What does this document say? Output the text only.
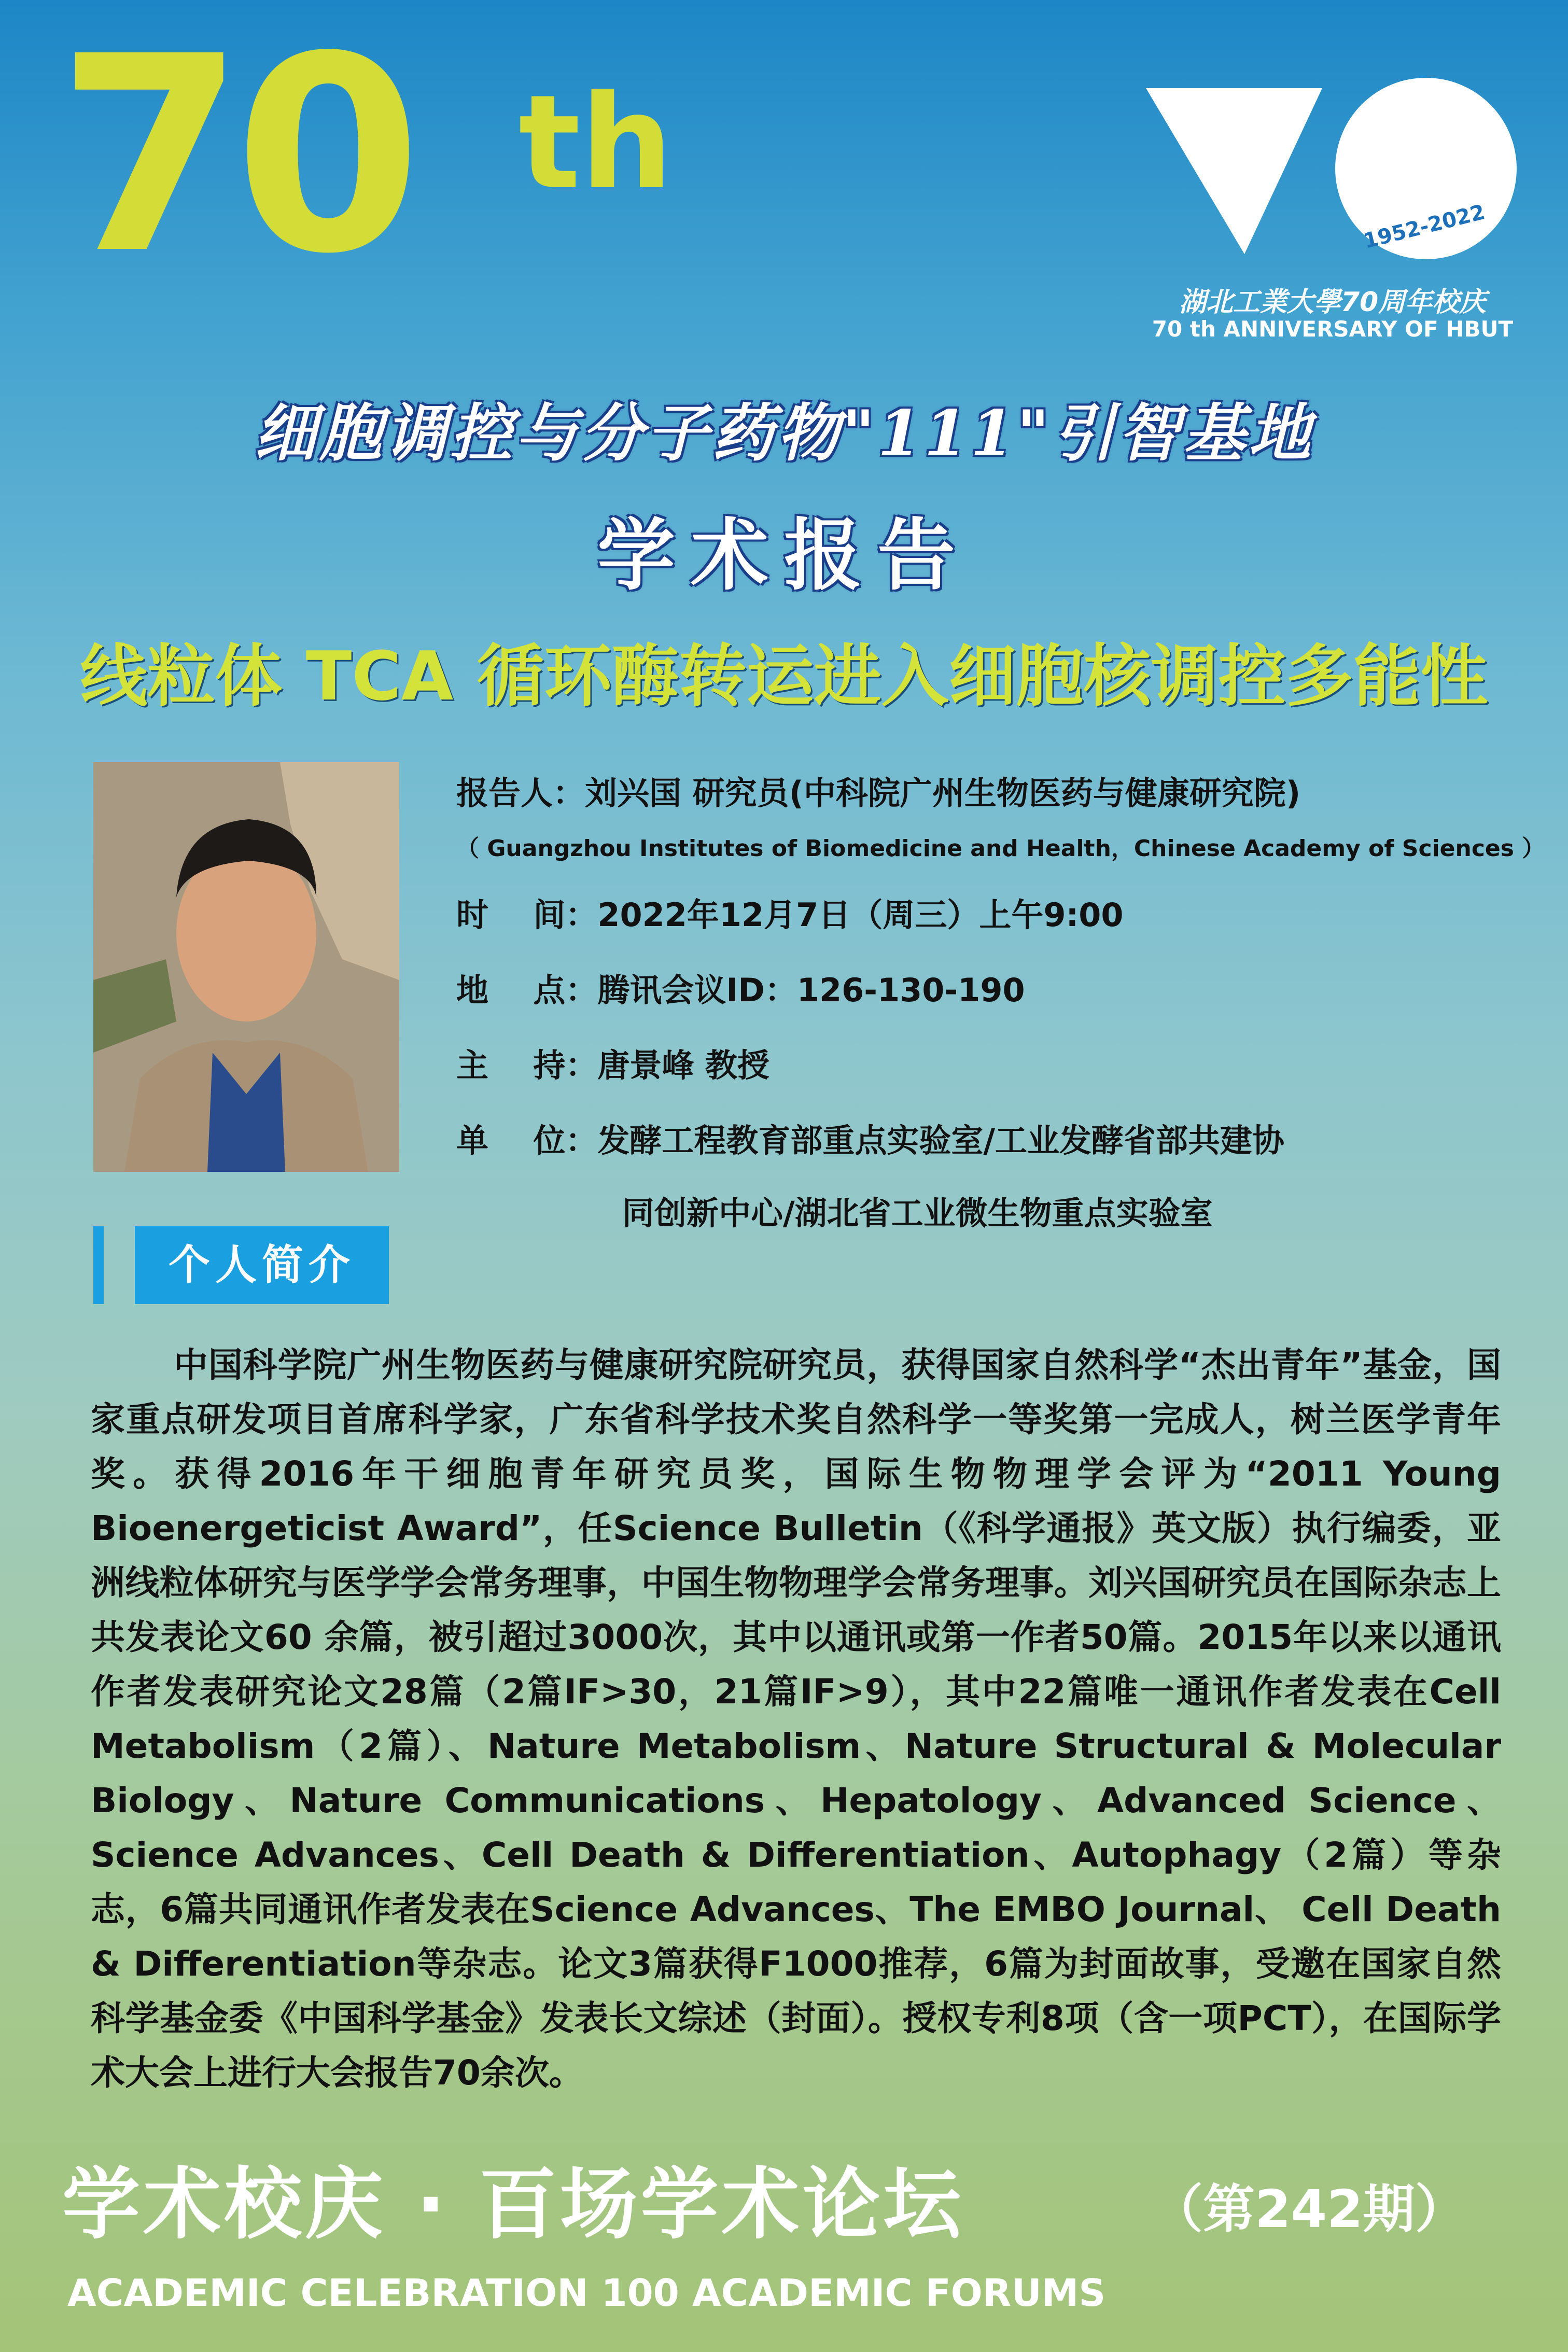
70 th
1952-2022
湖北工業大學70周年校庆
70 th ANNIVERSARY OF HBUT
细胞调控与分子药物"111"引智基地
学术报告
线粒体 TCA 循环酶转运进入细胞核调控多能性
报告人：刘兴国 研究员(中科院广州生物医药与健康研究院)
（ Guangzhou Institutes of Biomedicine and Health，Chinese Academy of Sciences ）
时    间：2022年12月7日（周三）上午9:00
地    点：腾讯会议ID：126-130-190
主    持：唐景峰 教授
单    位：发酵工程教育部重点实验室/工业发酵省部共建协
同创新中心/湖北省工业微生物重点实验室
个人简介
中国科学院广州生物医药与健康研究院研究员，获得国家自然科学“杰出青年”基金，国家重点研发项目首席科学家，广东省科学技术奖自然科学一等奖第一完成人，树兰医学青年奖。获得2016年干细胞青年研究员奖，国际生物物理学会评为“2011 Young Bioenergeticist Award”，任Science Bulletin（《科学通报》英文版）执行编委，亚洲线粒体研究与医学学会常务理事，中国生物物理学会常务理事。刘兴国研究员在国际杂志上共发表论文60 余篇，被引超过3000次，其中以通讯或第一作者50篇。2015年以来以通讯作者发表研究论文28篇（2篇IF>30，21篇IF>9），其中22篇唯一通讯作者发表在Cell Metabolism（2篇）、Nature Metabolism、Nature Structural & Molecular Biology、Nature Communications、Hepatology、Advanced Science、Science Advances、Cell Death & Differentiation、Autophagy（2篇）等杂志，6篇共同通讯作者发表在Science Advances、The EMBO Journal、 Cell Death & Differentiation等杂志。论文3篇获得F1000推荐，6篇为封面故事，受邀在国家自然科学基金委《中国科学基金》发表长文综述（封面）。授权专利8项（含一项PCT），在国际学术大会上进行大会报告70余次。
学术校庆 · 百场学术论坛	（第242期）
ACADEMIC CELEBRATION 100 ACADEMIC FORUMS
